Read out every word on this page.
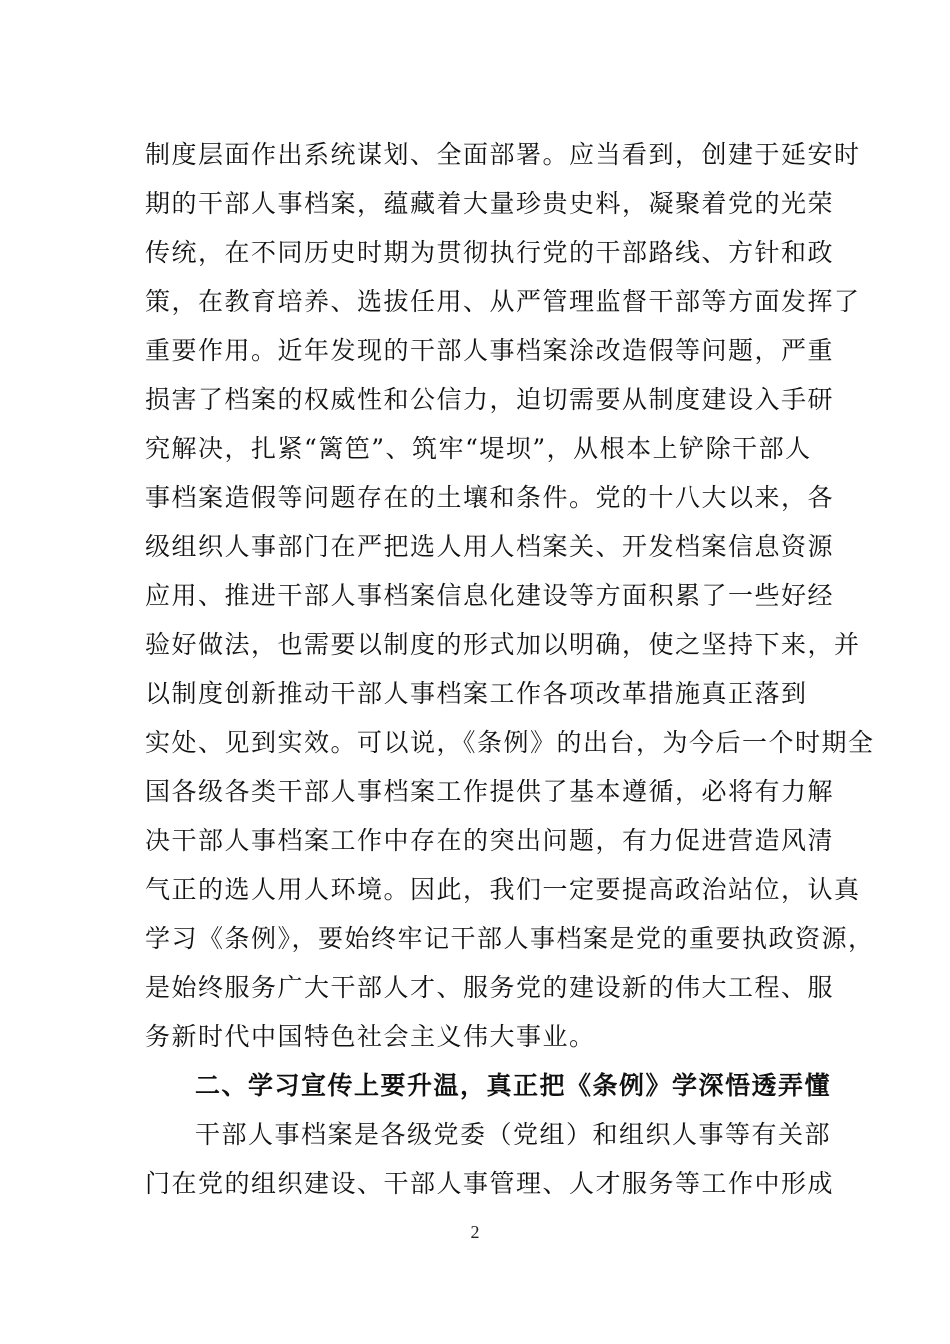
制度层面作出系统谋划、全面部署。应当看到，创建于延安时
期的干部人事档案，蕴藏着大量珍贵史料，凝聚着党的光荣
传统，在不同历史时期为贯彻执行党的干部路线、方针和政
策，在教育培养、选拔任用、从严管理监督干部等方面发挥了
重要作用。近年发现的干部人事档案涂改造假等问题，严重
损害了档案的权威性和公信力，迫切需要从制度建设入手研
究解决，扎紧“篱笆”、筑牢“堤坝”，从根本上铲除干部人
事档案造假等问题存在的土壤和条件。党的十八大以来，各
级组织人事部门在严把选人用人档案关、开发档案信息资源
应用、推进干部人事档案信息化建设等方面积累了一些好经
验好做法，也需要以制度的形式加以明确，使之坚持下来，并
以制度创新推动干部人事档案工作各项改革措施真正落到
实处、见到实效。可以说，《条例》的出台，为今后一个时期全
国各级各类干部人事档案工作提供了基本遵循，必将有力解
决干部人事档案工作中存在的突出问题，有力促进营造风清
气正的选人用人环境。因此，我们一定要提高政治站位，认真
学习《条例》，要始终牢记干部人事档案是党的重要执政资源，
是始终服务广大干部人才、服务党的建设新的伟大工程、服
务新时代中国特色社会主义伟大事业。
二、学习宣传上要升温，真正把《条例》学深悟透弄懂
干部人事档案是各级党委（党组）和组织人事等有关部
门在党的组织建设、干部人事管理、人才服务等工作中形成
2
